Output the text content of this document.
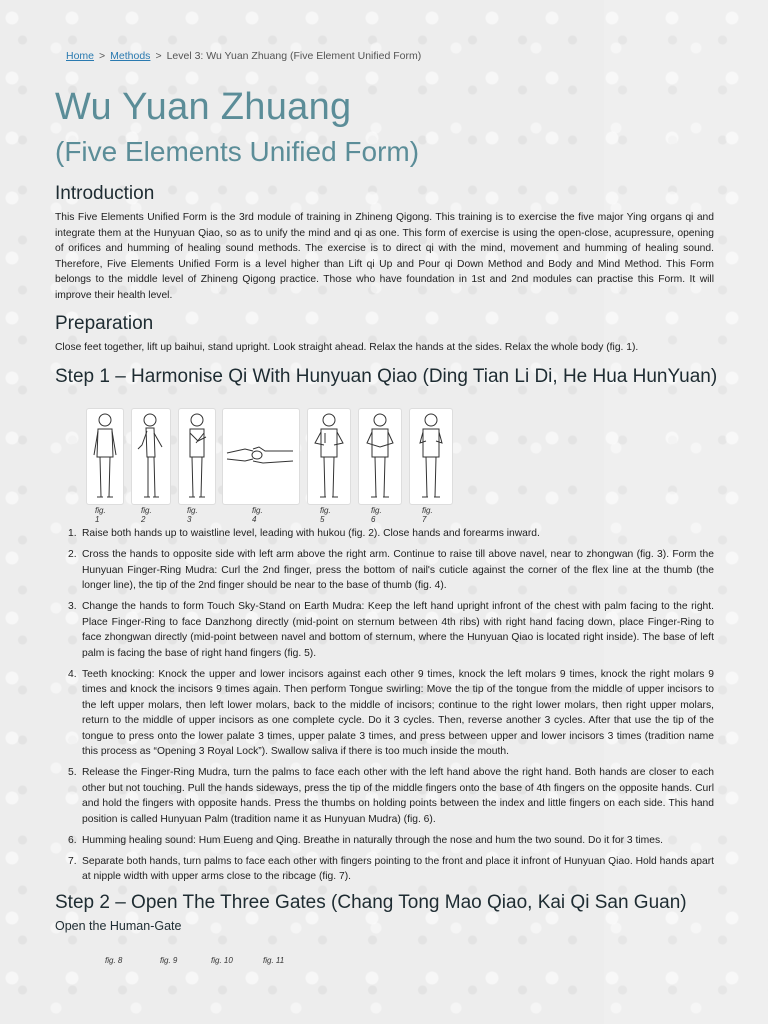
Home > Methods > Level 3: Wu Yuan Zhuang (Five Element Unified Form)
Wu Yuan Zhuang
(Five Elements Unified Form)
Introduction

This Five Elements Unified Form is the 3rd module of training in Zhineng Qigong. This training is to exercise the five major Ying organs qi and integrate them at the Hunyuan Qiao, so as to unify the mind and qi as one. This form of exercise is using the open-close, acupressure, opening of orifices and humming of healing sound methods. The exercise is to direct qi with the mind, movement and humming of healing sound. Therefore, Five Elements Unified Form is a level higher than Lift qi Up and Pour qi Down Method and Body and Mind Method. This Form belongs to the middle level of Zhineng Qigong practice. Those who have foundation in 1st and 2nd modules can practise this Form. It will improve their health level.

Preparation

Close feet together, lift up baihui, stand upright. Look straight ahead. Relax the hands at the sides. Relax the whole body (fig. 1).

Step 1 – Harmonise Qi With Hunyuan Qiao (Ding Tian Li Di, He Hua HunYuan)
fig. 1
fig. 2
fig. 3
fig. 4
fig. 5
fig. 6
fig. 7
1. Raise both hands up to waistline level, leading with hukou (fig. 2). Close hands and forearms inward.
2. Cross the hands to opposite side with left arm above the right arm. Continue to raise till above navel, near to zhongwan (fig. 3). Form the Hunyuan Finger-Ring Mudra: Curl the 2nd finger, press the bottom of nail's cuticle against the corner of the flex line at the thumb (the longer line), the tip of the 2nd finger should be near to the base of thumb (fig. 4).
3. Change the hands to form Touch Sky-Stand on Earth Mudra: Keep the left hand upright infront of the chest with palm facing to the right. Place Finger-Ring to face Danzhong directly (mid-point on sternum between 4th ribs) with right hand facing down, place Finger-Ring to face zhongwan directly (mid-point between navel and bottom of sternum, where the Hunyuan Qiao is located right inside). The base of left palm is facing the base of right hand fingers (fig. 5).
4. Teeth knocking: Knock the upper and lower incisors against each other 9 times, knock the left molars 9 times, knock the right molars 9 times and knock the incisors 9 times again. Then perform Tongue swirling: Move the tip of the tongue from the middle of upper incisors to the left upper molars, then left lower molars, back to the middle of incisors; continue to the right lower molars, then right upper molars, return to the middle of upper incisors as one complete cycle. Do it 3 cycles. Then, reverse another 3 cycles. After that use the tip of the tongue to press onto the lower palate 3 times, upper palate 3 times, and press between upper and lower incisors 3 times (tradition name this process as “Opening 3 Royal Lock”). Swallow saliva if there is too much inside the mouth.
5. Release the Finger-Ring Mudra, turn the palms to face each other with the left hand above the right hand. Both hands are closer to each other but not touching. Pull the hands sideways, press the tip of the middle fingers onto the base of 4th fingers on the opposite hands. Curl and hold the fingers with opposite hands. Press the thumbs on holding points between the index and little fingers on each side. This hand position is called Hunyuan Palm (tradition name it as Hunyuan Mudra) (fig. 6).
6. Humming healing sound: Hum Eueng and Qing. Breathe in naturally through the nose and hum the two sound. Do it for 3 times.
7. Separate both hands, turn palms to face each other with fingers pointing to the front and place it infront of Hunyuan Qiao. Hold hands apart at nipple width with upper arms close to the ribcage (fig. 7).
Step 2 – Open The Three Gates (Chang Tong Mao Qiao, Kai Qi San Guan)
Open the Human-Gate
fig. 8	fig. 9	fig. 10	fig. 11
